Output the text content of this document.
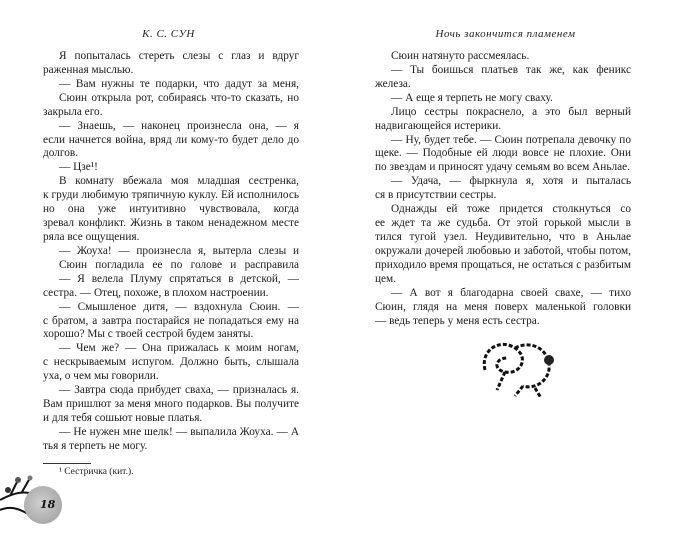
К. С. СУН
Я попыталась стереть слезы с глаз и вдруг
раженная мыслью.
— Вам нужны те подарки, что дадут за меня,
Сюин открыла рот, собираясь что-то сказать, но
закрыла его.
— Знаешь, — наконец произнесла она, — я
если начнется война, вряд ли кому-то будет дело до
долгов.
— Цзе¹!
В комнату вбежала моя младшая сестренка,
к груди любимую тряпичную куклу. Ей исполнилось
но она уже интуитивно чувствовала, когда
зревал конфликт. Жизнь в таком ненадежном месте
ряла все ощущения.
— Жоуха! — произнесла я, вытерла слезы и
Сюин погладила ее по голове и расправила
— Я велела Плуму спрятаться в детской, —
сестра. — Отец, похоже, в плохом настроении.
— Смышленое дитя, — вздохнула Сюин. —
с братом, а завтра постарайся не попадаться ему на
хорошо? Мы с твоей сестрой будем заняты.
— Чем же? — Она прижалась к моим ногам,
с нескрываемым испугом. Должно быть, слышала
уха, о чем мы говорили.
— Завтра сюда прибудет сваха, — призналась я.
Вам пришлют за меня много подарков. Вы получите
и для тебя сошьют новые платья.
— Не нужен мне шелк! — выпалила Жоуха. — А
тья я терпеть не могу.
¹ Сестричка (кит.).
18
Ночь закончится пламенем
Сюин натянуто рассмеялась.
— Ты боишься платьев так же, как феникс
железа.
— А еще я терпеть не могу сваху.
Лицо сестры покраснело, а это был верный
надвигающейся истерики.
— Ну, будет тебе. — Сюин потрепала девочку по
щеке. — Подобные ей люди вовсе не плохие. Они
по звездам и приносят удачу семьям во всем Аньлае.
— Удача, — фыркнула я, хотя и пыталась
ся в присутствии сестры.
Однажды ей тоже придется столкнуться со
ее ждет та же судьба. От этой горькой мысли в
тился тугой узел. Неудивительно, что в Аньлае
окружали дочерей любовью и заботой, чтобы потом,
приходило время прощаться, не остаться с разбитым
цем.
— А вот я благодарна своей свахе, — тихо
Сюин, глядя на меня поверх маленькой головки
— ведь теперь у меня есть сестра.
